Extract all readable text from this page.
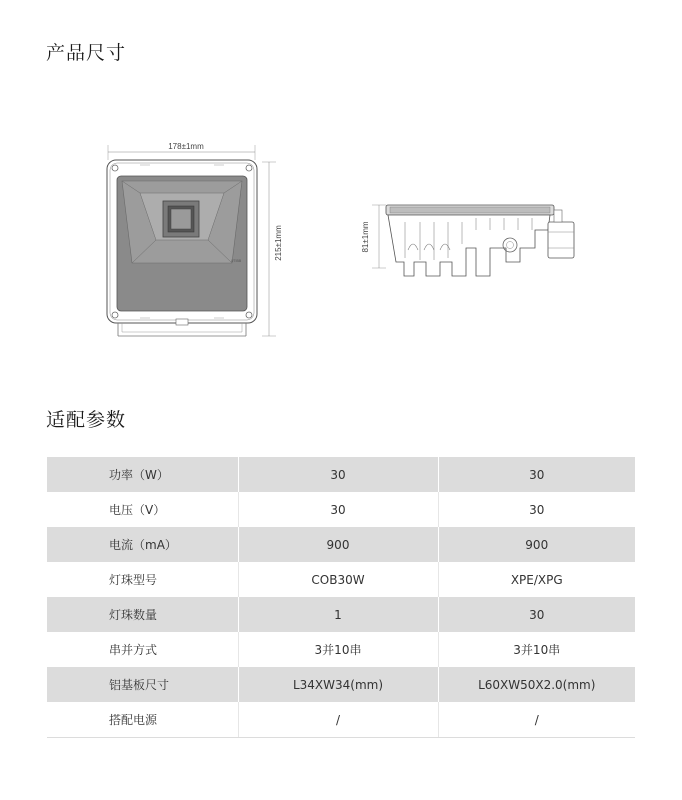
产品尺寸
178±1mm
215±1mm
UTIBB
81±1mm
适配参数
功率（W）	30	30
电压（V）	30	30
电流（mA）	900	900
灯珠型号	COB30W	XPE/XPG
灯珠数量	1	30
串并方式	3并10串	3并10串
铝基板尺寸	L34XW34(mm)	L60XW50X2.0(mm)
搭配电源	/	/
